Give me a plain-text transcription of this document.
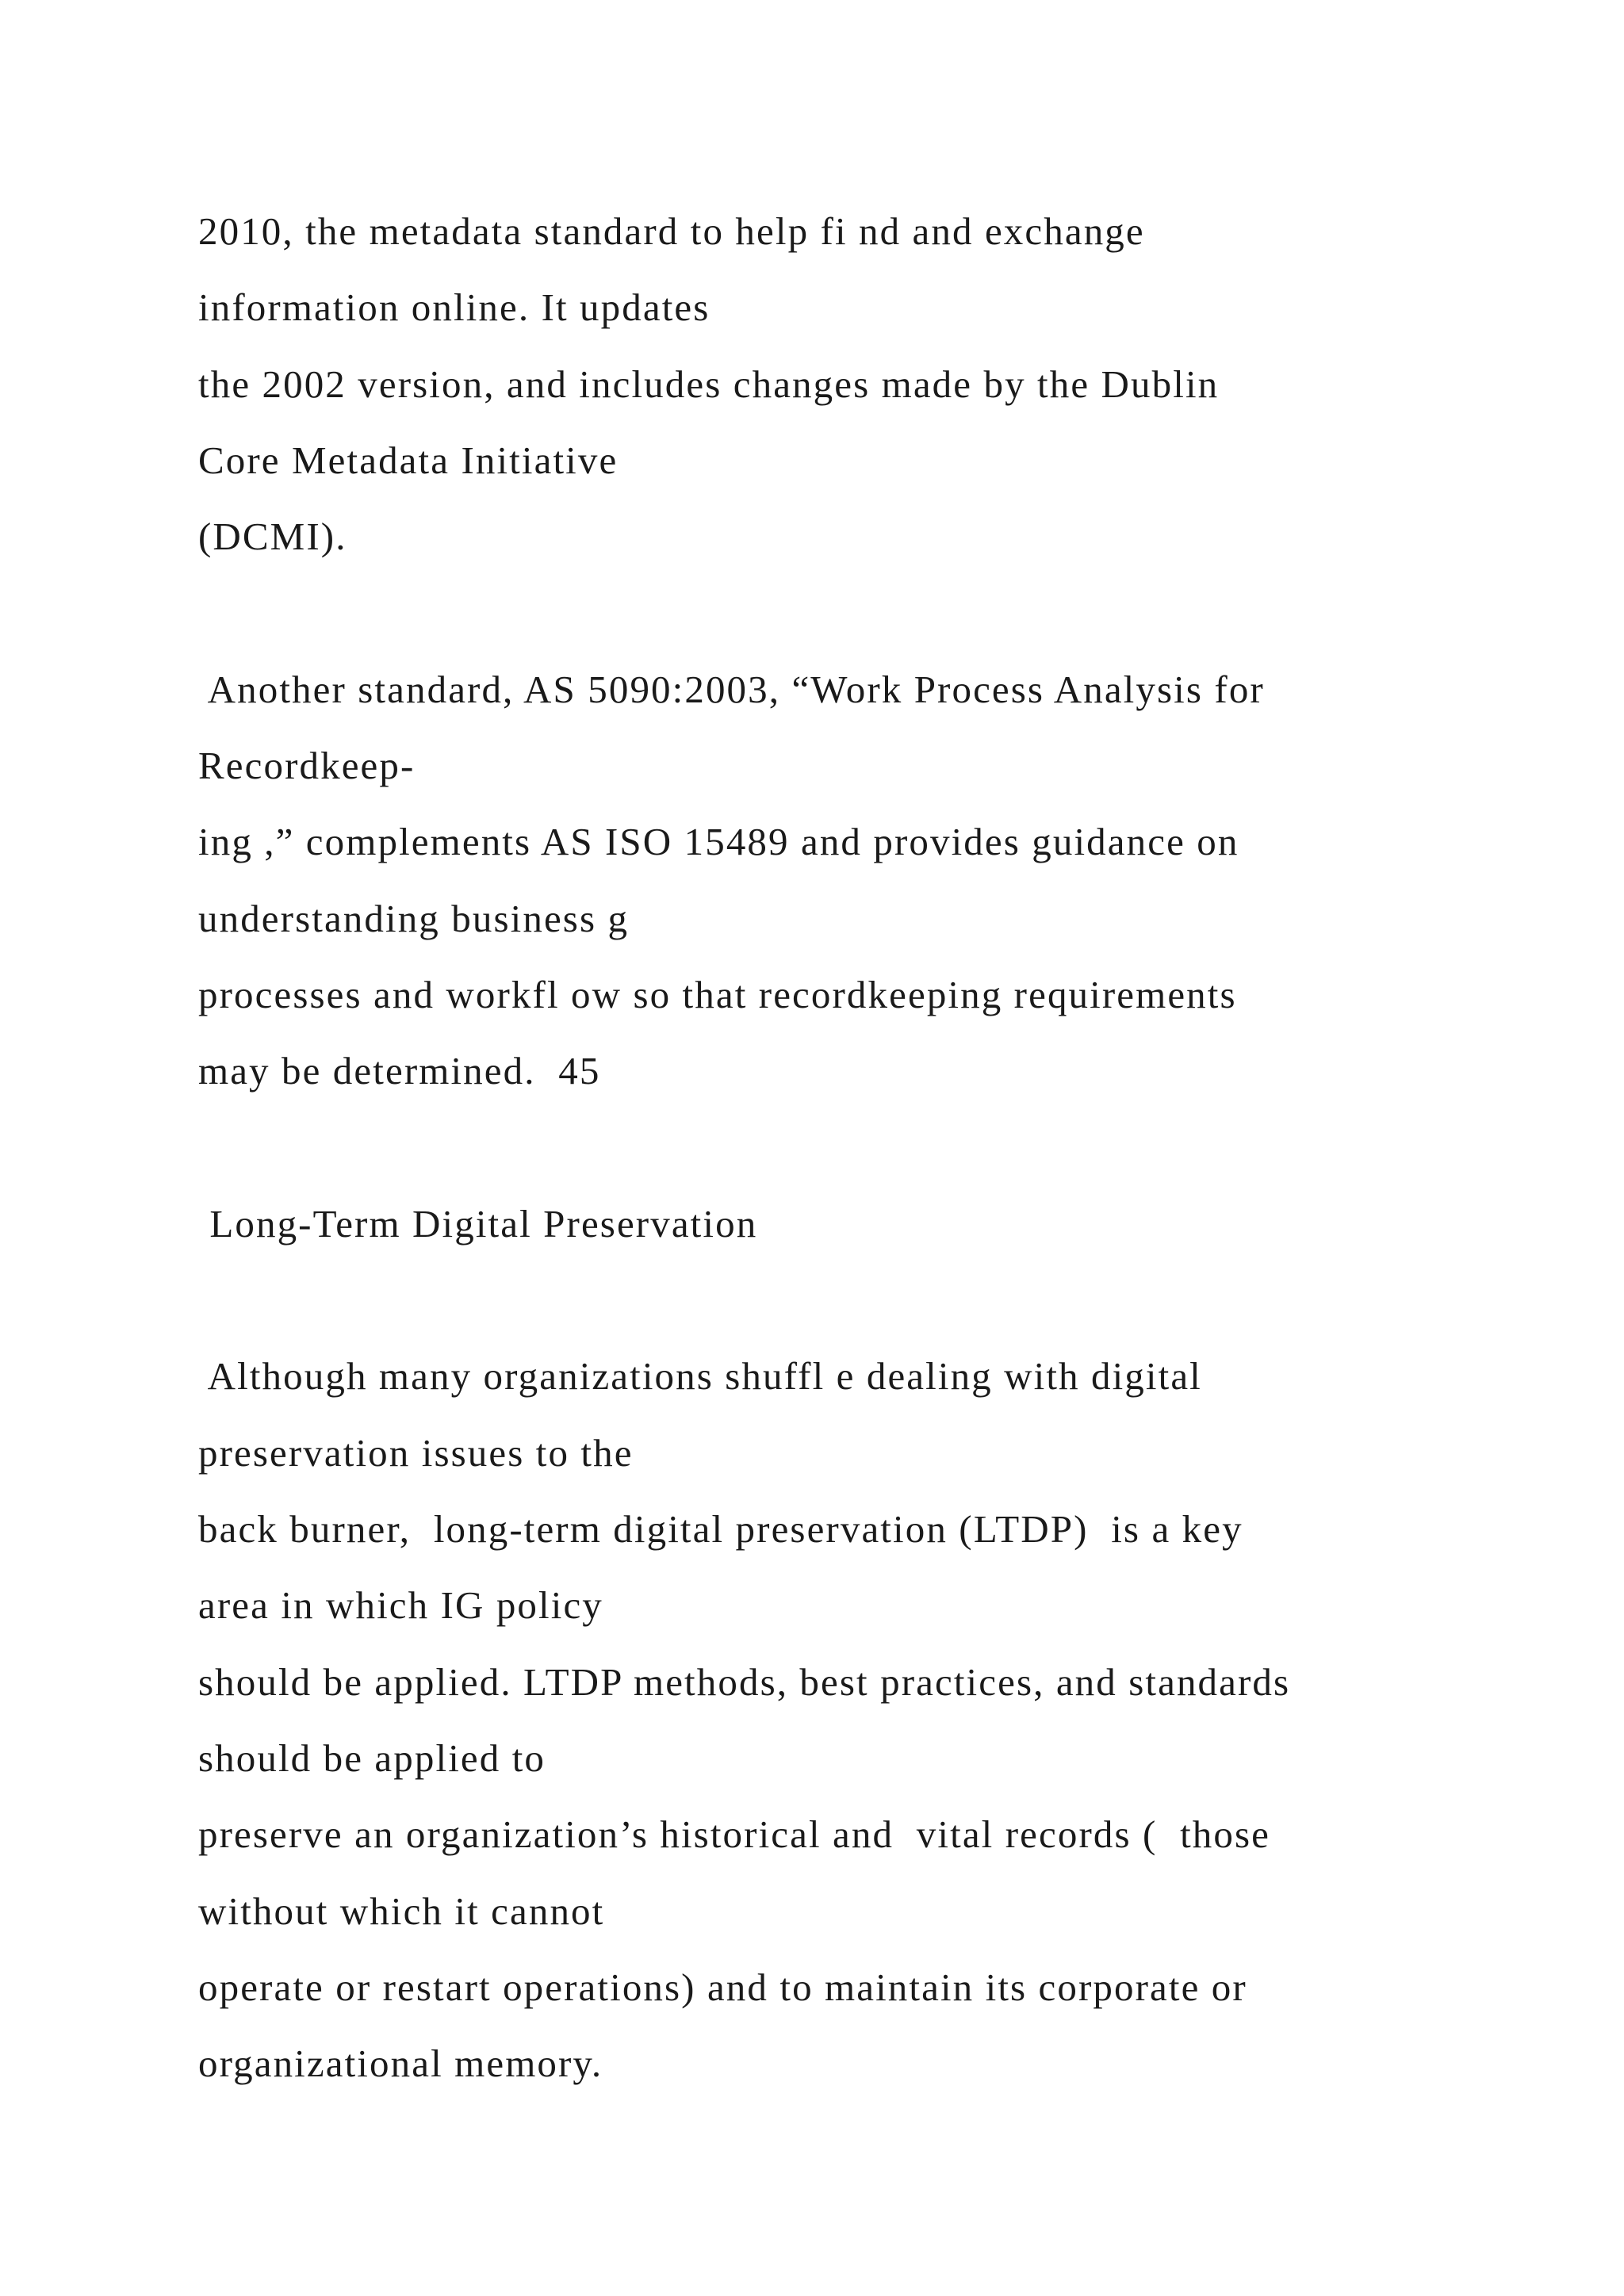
2010, the metadata standard to help fi nd and exchange
information online. It updates
the 2002 version, and includes changes made by the Dublin
Core Metadata Initiative
(DCMI).
Another standard, AS 5090:2003, “Work Process Analysis for
Recordkeep-
ing ,” complements AS ISO 15489 and provides guidance on
understanding business g
processes and workfl ow so that recordkeeping requirements
may be determined.  45
Long-Term Digital Preservation
Although many organizations shuffl e dealing with digital
preservation issues to the
back burner,  long-term digital preservation (LTDP)  is a key
area in which IG policy
should be applied. LTDP methods, best practices, and standards
should be applied to
preserve an organization’s historical and  vital records (  those
without which it cannot
operate or restart operations) and to maintain its corporate or
organizational memory.
